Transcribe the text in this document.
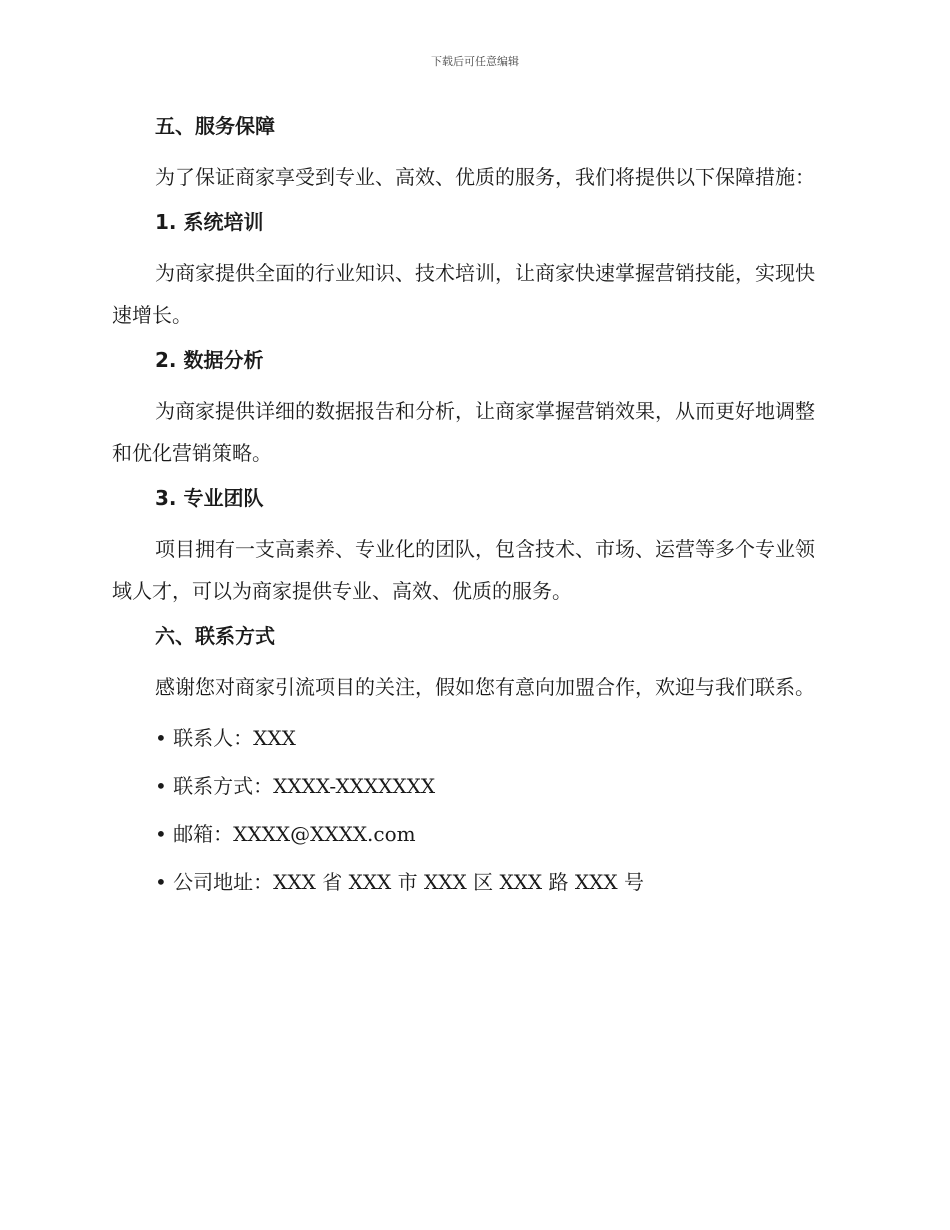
下载后可任意编辑

五、服务保障

为了保证商家享受到专业、高效、优质的服务，我们将提供以下保障措施：

1. 系统培训

为商家提供全面的行业知识、技术培训，让商家快速掌握营销技能，实现快速增长。

2. 数据分析

为商家提供详细的数据报告和分析，让商家掌握营销效果，从而更好地调整和优化营销策略。

3. 专业团队

项目拥有一支高素养、专业化的团队，包含技术、市场、运营等多个专业领域人才，可以为商家提供专业、高效、优质的服务。

六、联系方式

感谢您对商家引流项目的关注，假如您有意向加盟合作，欢迎与我们联系。

• 联系人：XXX

• 联系方式：XXXX-XXXXXXX

• 邮箱：XXXX@XXXX.com

• 公司地址：XXX 省 XXX 市 XXX 区 XXX 路 XXX 号
